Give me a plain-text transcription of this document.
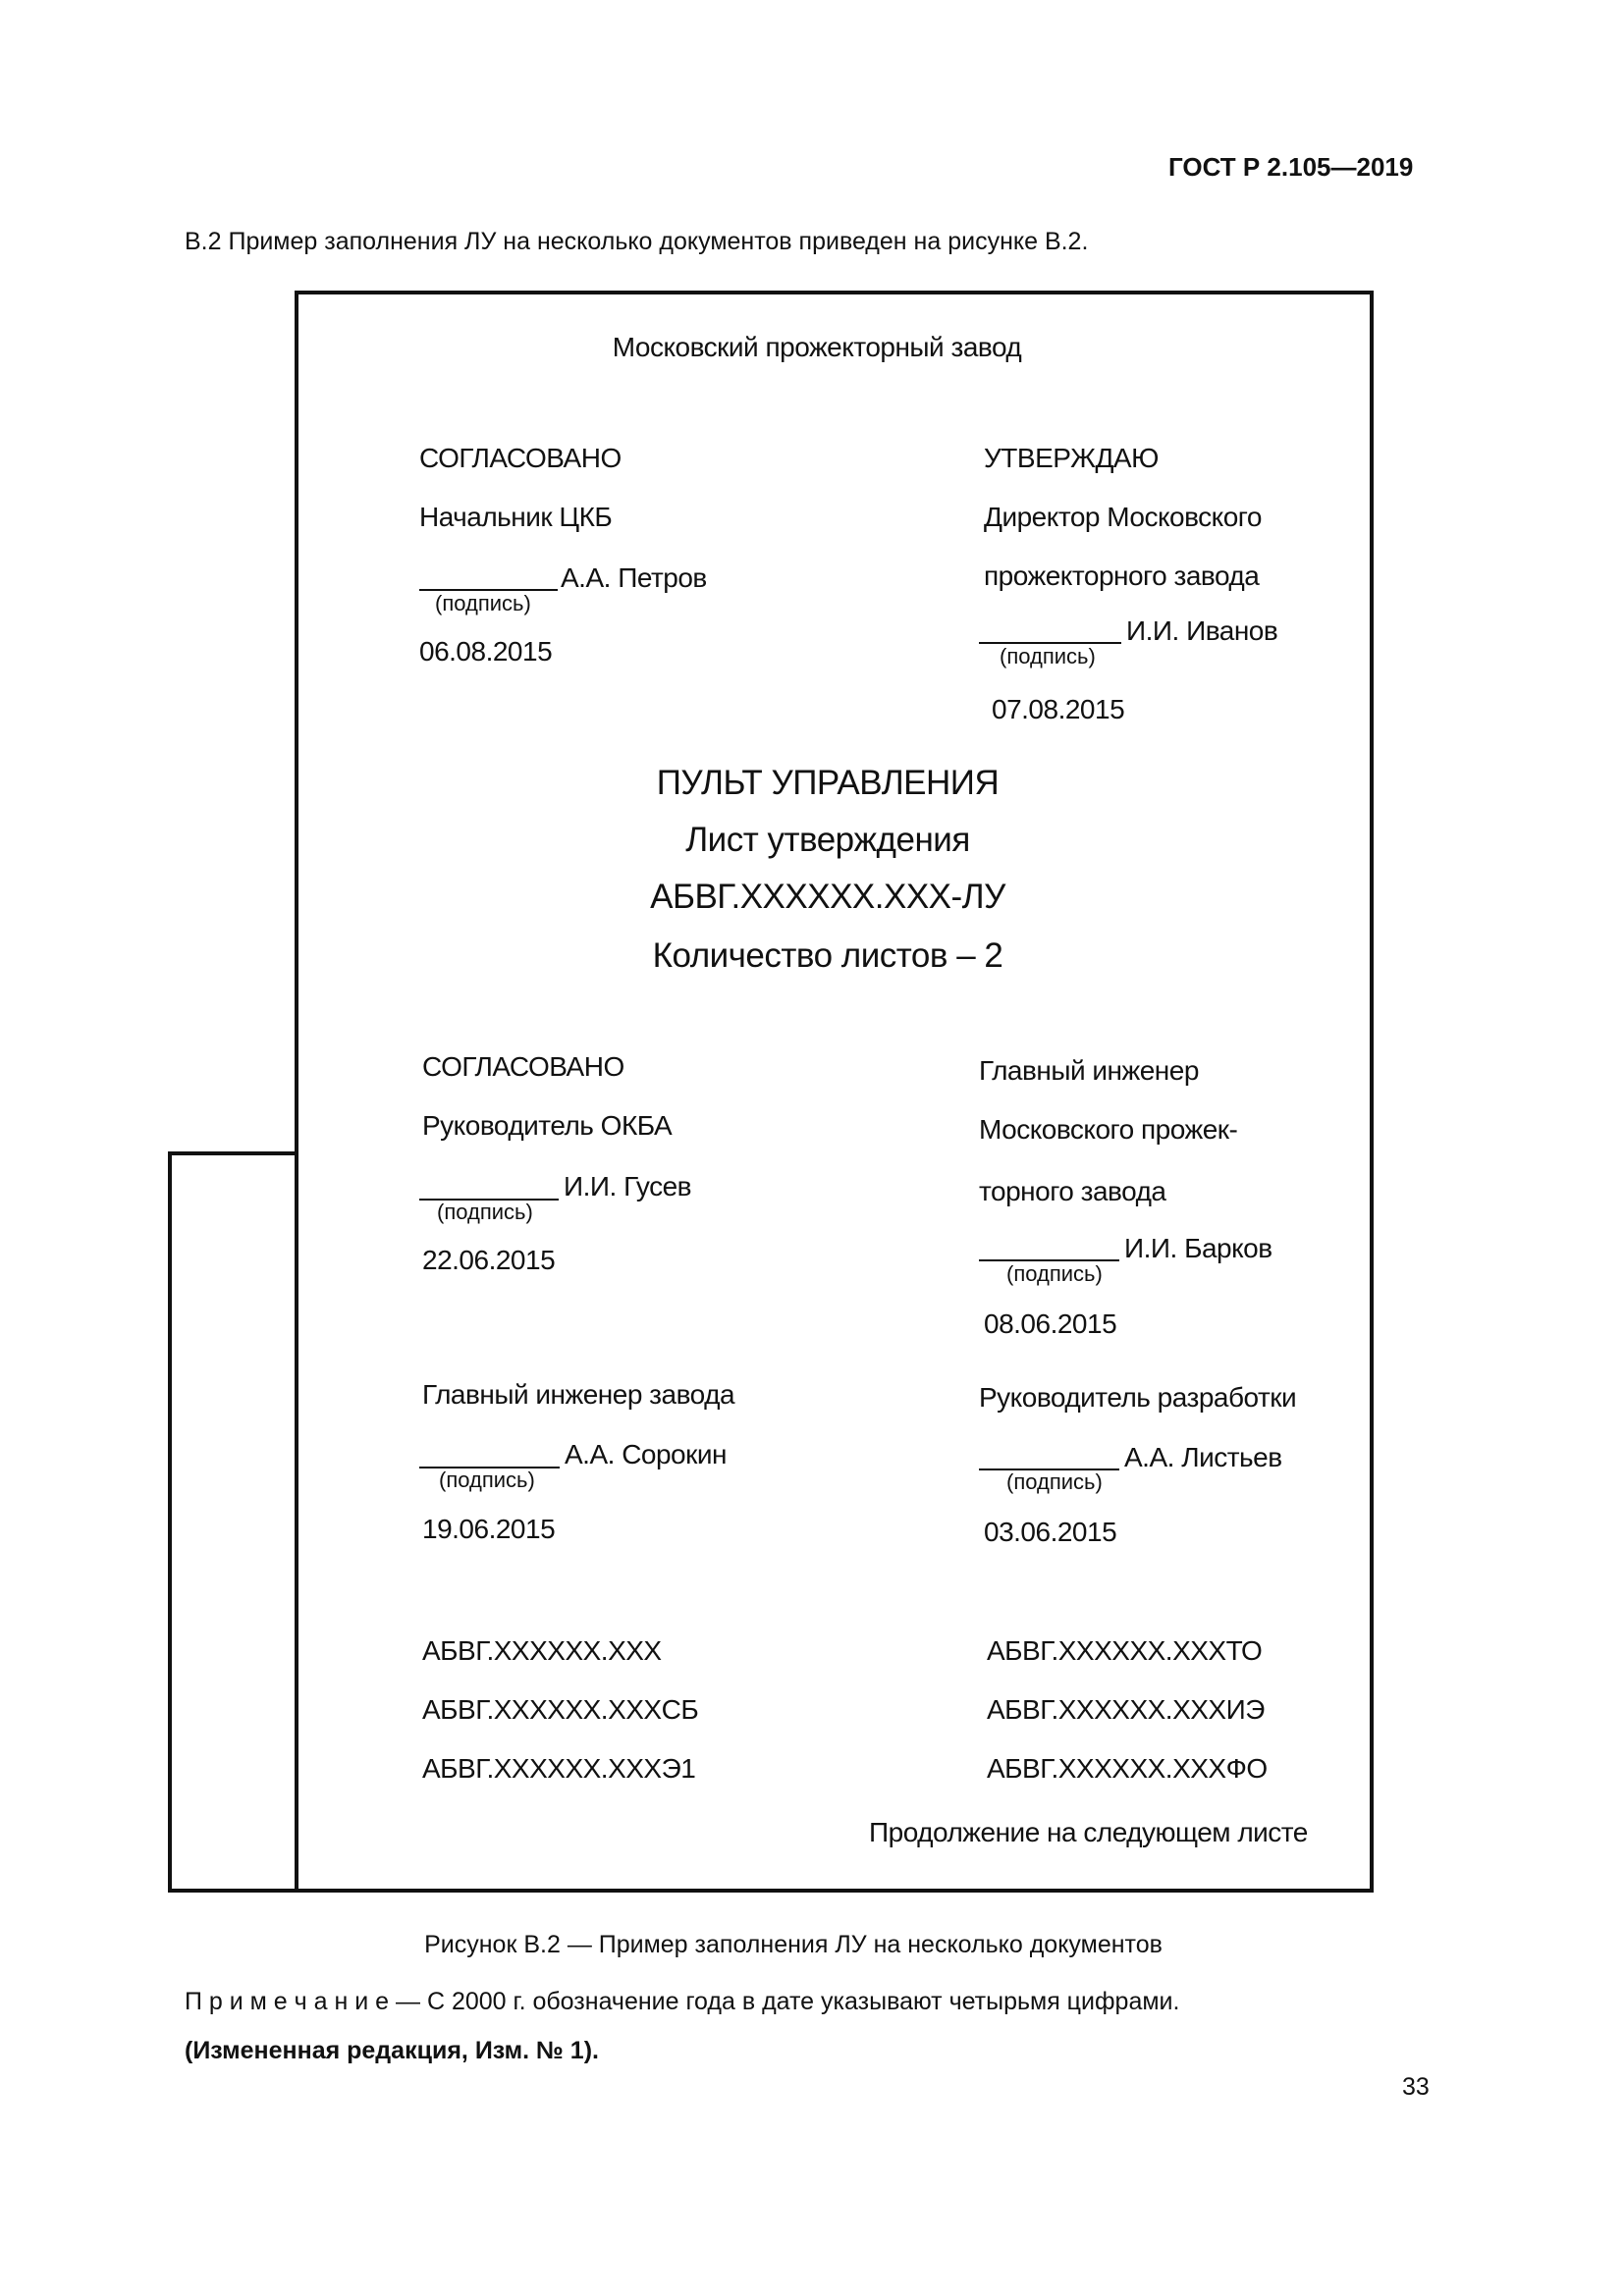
ГОСТ Р 2.105—2019
В.2 Пример заполнения ЛУ на несколько документов приведен на рисунке В.2.
Московский прожекторный завод
СОГЛАСОВАНО
Начальник ЦКБ
А.А. Петров
(подпись)
06.08.2015
УТВЕРЖДАЮ
Директор Московского
прожекторного завода
И.И. Иванов
(подпись)
07.08.2015
ПУЛЬТ УПРАВЛЕНИЯ
Лист утверждения
АБВГ.XXXXXX.XXX-ЛУ
Количество листов – 2
СОГЛАСОВАНО
Руководитель ОКБА
И.И. Гусев
(подпись)
22.06.2015
Главный инженер
Московского прожек-
торного завода
И.И. Барков
(подпись)
08.06.2015
Главный инженер завода
А.А. Сорокин
(подпись)
19.06.2015
Руководитель разработки
А.А. Листьев
(подпись)
03.06.2015
АБВГ.XXXXXX.XXX
АБВГ.XXXXXX.XXXСБ
АБВГ.XXXXXX.XXXЭ1
АБВГ.XXXXXX.XXXТО
АБВГ.XXXXXX.XXXИЭ
АБВГ.XXXXXX.XXXФО
Продолжение на следующем листе
Рисунок В.2 — Пример заполнения ЛУ на несколько документов
П р и м е ч а н и е — С 2000 г. обозначение года в дате указывают четырьмя цифрами.
(Измененная редакция, Изм. № 1).
33
